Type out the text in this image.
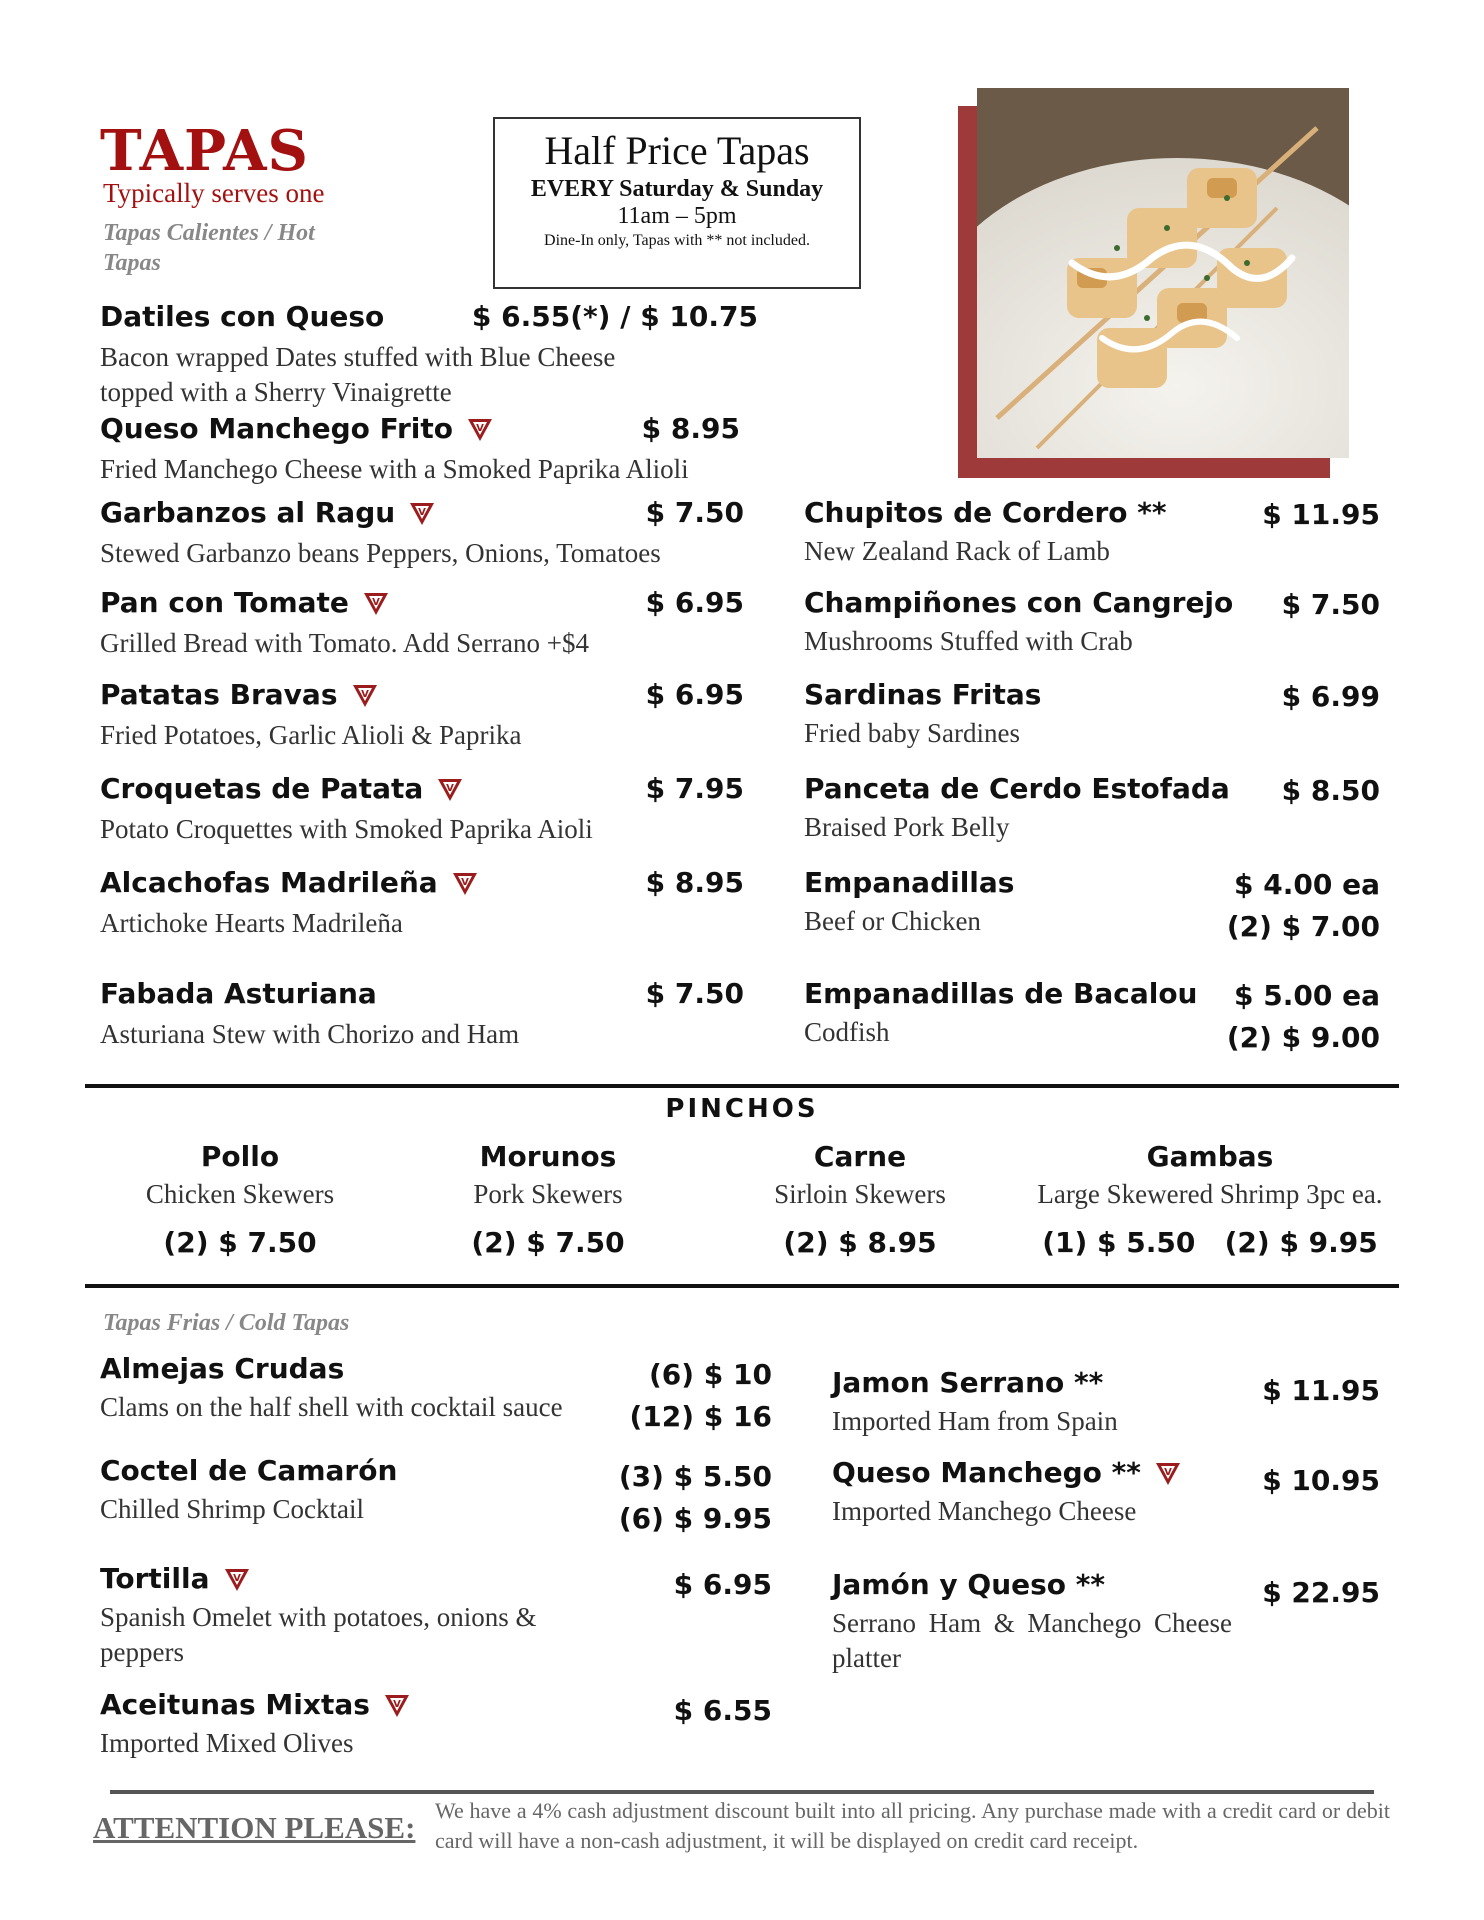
TAPAS
Typically serves one
Tapas Calientes / Hot Tapas
Half Price Tapas
EVERY Saturday & Sunday
11am – 5pm
Dine-In only, Tapas with ** not included.
Datiles con Queso	$ 6.55(*) / $ 10.75
Bacon wrapped Dates stuffed with Blue Cheese topped with a Sherry Vinaigrette
Queso Manchego Frito V	$ 8.95
Fried Manchego Cheese with a Smoked Paprika Alioli
Garbanzos al Ragu V	$ 7.50
Stewed Garbanzo beans Peppers, Onions, Tomatoes
Pan con Tomate V	$ 6.95
Grilled Bread with Tomato. Add Serrano +$4
Patatas Bravas V	$ 6.95
Fried Potatoes, Garlic Alioli & Paprika
Croquetas de Patata V	$ 7.95
Potato Croquettes with Smoked Paprika Aioli
Alcachofas Madrileña V	$ 8.95
Artichoke Hearts Madrileña
Fabada Asturiana	$ 7.50
Asturiana Stew with Chorizo and Ham
Chupitos de Cordero **	$ 11.95
New Zealand Rack of Lamb
Champiñones con Cangrejo $ 7.50
Mushrooms Stuffed with Crab
Sardinas Fritas	$ 6.99
Fried baby Sardines
Panceta de Cerdo Estofada $ 8.50
Braised Pork Belly
Empanadillas	$ 4.00 ea
(2) $ 7.00
Beef or Chicken
Empanadillas de Bacalou $ 5.00 ea
(2) $ 9.00
Codfish
PINCHOS
Pollo
Chicken Skewers
(2) $ 7.50
Morunos
Pork Skewers
(2) $ 7.50
Carne
Sirloin Skewers
(2) $ 8.95
Gambas
Large Skewered Shrimp 3pc ea.
(1) $ 5.50   (2) $ 9.95
Tapas Frias / Cold Tapas
Almejas Crudas	(6) $ 10
(12) $ 16
Clams on the half shell with cocktail sauce
Coctel de Camarón	(3) $ 5.50
(6) $ 9.95
Chilled Shrimp Cocktail
Tortilla V	$ 6.95
Spanish Omelet with potatoes, onions & peppers
Aceitunas Mixtas V	$ 6.55
Imported Mixed Olives
Jamon Serrano **	$ 11.95
Imported Ham from Spain
Queso Manchego ** V	$ 10.95
Imported Manchego Cheese
Jamón y Queso **	$ 22.95
Serrano Ham & Manchego Cheese platter
ATTENTION PLEASE: We have a 4% cash adjustment discount built into all pricing. Any purchase made with a credit card or debit card will have a non-cash adjustment, it will be displayed on credit card receipt.
